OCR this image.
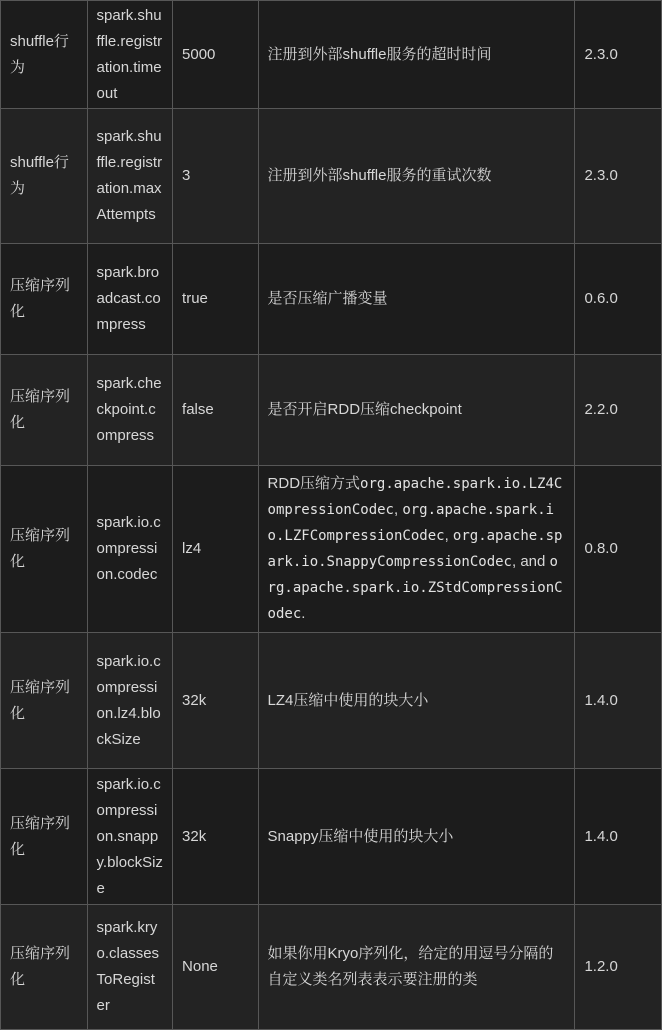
shuffle行为	spark.shuffle.registration.timeout	5000	注册到外部shuffle服务的超时时间	2.3.0
shuffle行为	spark.shuffle.registration.maxAttempts	3	注册到外部shuffle服务的重试次数	2.3.0
压缩序列化	spark.broadcast.compress	true	是否压缩广播变量	0.6.0
压缩序列化	spark.checkpoint.compress	false	是否开启RDD压缩checkpoint	2.2.0
压缩序列化	spark.io.compression.codec	lz4	RDD压缩方式org.apache.spark.io.LZ4CompressionCodec, org.apache.spark.io.LZFCompressionCodec, org.apache.spark.io.SnappyCompressionCodec, and org.apache.spark.io.ZStdCompressionCodec.	0.8.0
压缩序列化	spark.io.compression.lz4.blockSize	32k	LZ4压缩中使用的块大小	1.4.0
压缩序列化	spark.io.compression.snappy.blockSize	32k	Snappy压缩中使用的块大小	1.4.0
压缩序列化	spark.kryo.classesToRegister	None	如果你用Kryo序列化，给定的用逗号分隔的自定义类名列表表示要注册的类	1.2.0
